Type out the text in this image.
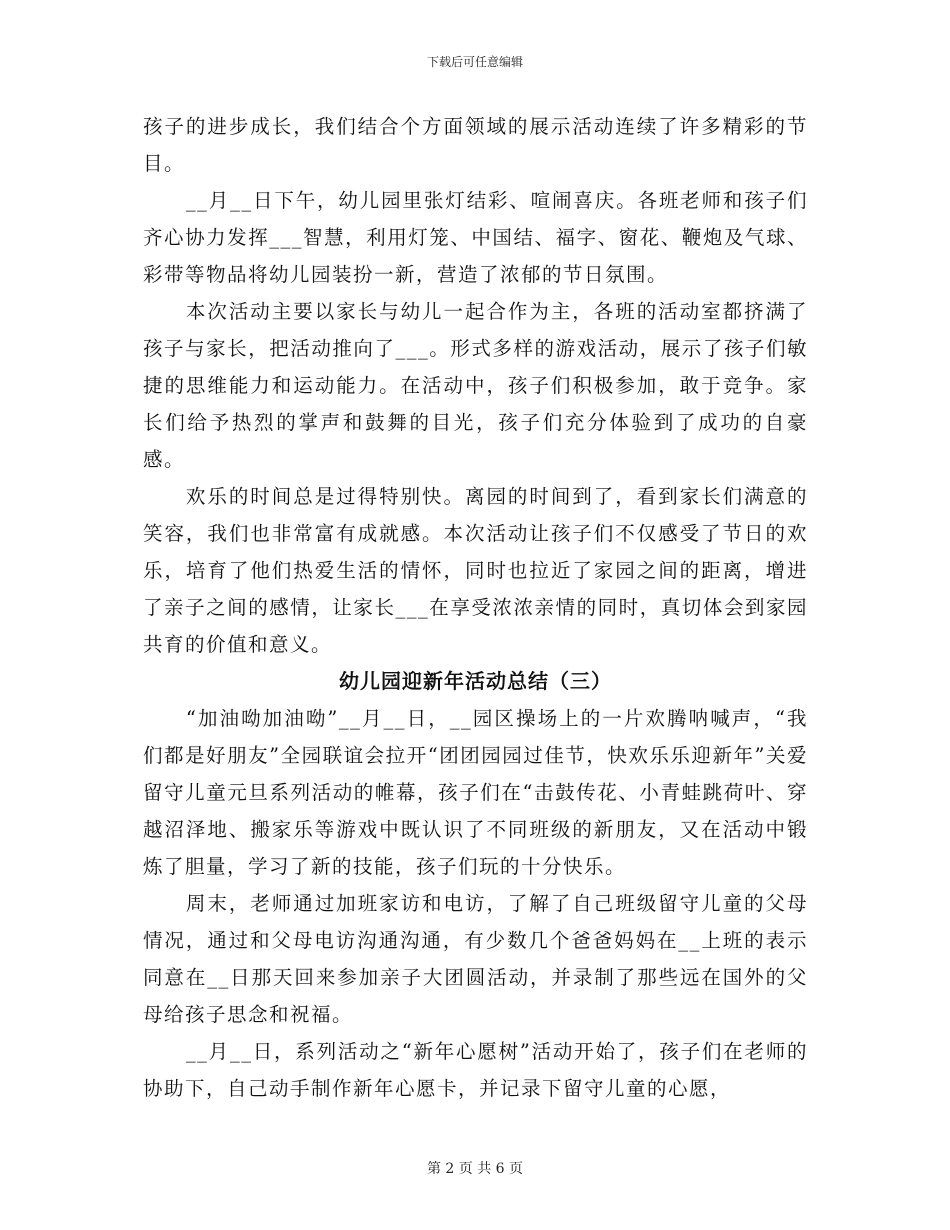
下载后可任意编辑

孩子的进步成长，我们结合个方面领域的展示活动连续了许多精彩的节目。

__月__日下午，幼儿园里张灯结彩、喧闹喜庆。各班老师和孩子们齐心协力发挥___智慧，利用灯笼、中国结、福字、窗花、鞭炮及气球、彩带等物品将幼儿园装扮一新，营造了浓郁的节日氛围。

本次活动主要以家长与幼儿一起合作为主，各班的活动室都挤满了孩子与家长，把活动推向了___。形式多样的游戏活动，展示了孩子们敏捷的思维能力和运动能力。在活动中，孩子们积极参加，敢于竞争。家长们给予热烈的掌声和鼓舞的目光，孩子们充分体验到了成功的自豪感。

欢乐的时间总是过得特别快。离园的时间到了，看到家长们满意的笑容，我们也非常富有成就感。本次活动让孩子们不仅感受了节日的欢乐，培育了他们热爱生活的情怀，同时也拉近了家园之间的距离，增进了亲子之间的感情，让家长___在享受浓浓亲情的同时，真切体会到家园共育的价值和意义。

幼儿园迎新年活动总结（三）

“加油呦加油呦”__月__日，__园区操场上的一片欢腾呐喊声，“我们都是好朋友”全园联谊会拉开“团团园园过佳节，快欢乐乐迎新年”关爱留守儿童元旦系列活动的帷幕，孩子们在“击鼓传花、小青蛙跳荷叶、穿越沼泽地、搬家乐等游戏中既认识了不同班级的新朋友，又在活动中锻炼了胆量，学习了新的技能，孩子们玩的十分快乐。

周末，老师通过加班家访和电访，了解了自己班级留守儿童的父母情况，通过和父母电访沟通沟通，有少数几个爸爸妈妈在__上班的表示同意在__日那天回来参加亲子大团圆活动，并录制了那些远在国外的父母给孩子思念和祝福。

__月__日，系列活动之“新年心愿树”活动开始了，孩子们在老师的协助下，自己动手制作新年心愿卡，并记录下留守儿童的心愿，

第 2 页 共 6 页
